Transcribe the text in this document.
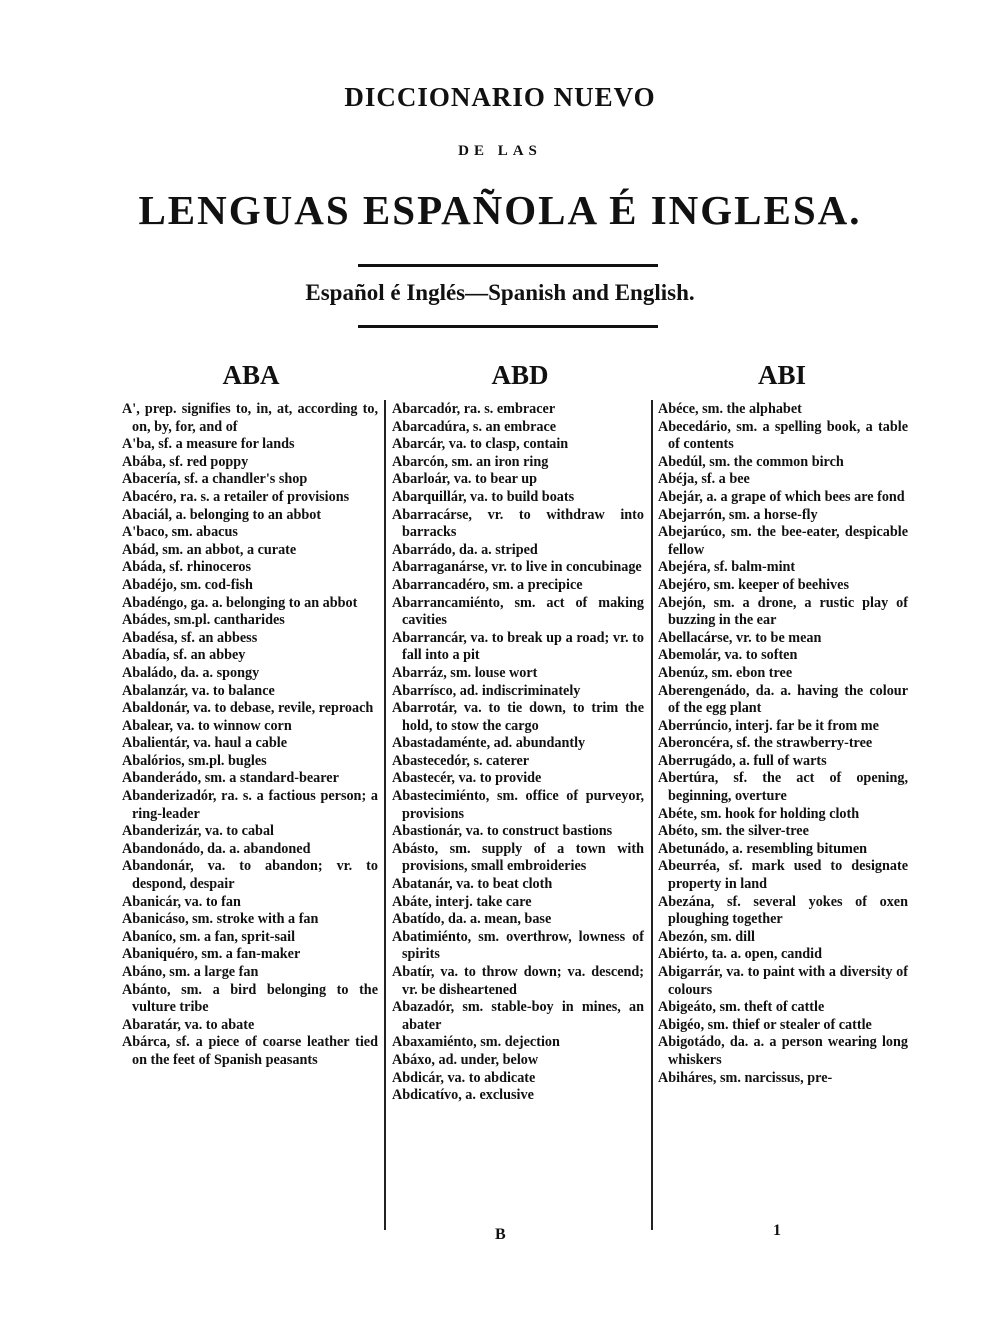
DICCIONARIO NUEVO
DE LAS
LENGUAS ESPAÑOLA É INGLESA.
Español é Inglés—Spanish and English.
ABA	ABD	ABI
A', prep. signifies to, in, at, according to, on, by, for, and of
A'ba, sf. a measure for lands
Abába, sf. red poppy
Abacería, sf. a chandler's shop
Abacéro, ra. s. a retailer of provisions
Abaciál, a. belonging to an abbot
A'baco, sm. abacus
Abád, sm. an abbot, a curate
Abáda, sf. rhinoceros
Abadéjo, sm. cod-fish
Abadéngo, ga. a. belonging to an abbot
Abádes, sm.pl. cantharides
Abadésa, sf. an abbess
Abadía, sf. an abbey
Abaládo, da. a. spongy
Abalanzár, va. to balance
Abaldonár, va. to debase, revile, reproach
Abalear, va. to winnow corn
Abalientár, va. haul a cable
Abalórios, sm.pl. bugles
Abanderádo, sm. a standard-bearer
Abanderizadór, ra. s. a factious person; a ring-leader
Abanderizár, va. to cabal
Abandonádo, da. a. abandoned
Abandonár, va. to abandon; vr. to despond, despair
Abanicár, va. to fan
Abanicáso, sm. stroke with a fan
Abaníco, sm. a fan, sprit-sail
Abaniquéro, sm. a fan-maker
Abáno, sm. a large fan
Abánto, sm. a bird belonging to the vulture tribe
Abaratár, va. to abate
Abárca, sf. a piece of coarse leather tied on the feet of Spanish peasants
Abarcadór, ra. s. embracer
Abarcadúra, s. an embrace
Abarcár, va. to clasp, contain
Abarcón, sm. an iron ring
Abarloár, va. to bear up
Abarquillár, va. to build boats
Abarracárse, vr. to withdraw into barracks
Abarrádo, da. a. striped
Abarraganárse, vr. to live in concubinage
Abarrancadéro, sm. a precipice
Abarrancamiénto, sm. act of making cavities
Abarrancár, va. to break up a road; vr. to fall into a pit
Abarráz, sm. louse wort
Abarrísco, ad. indiscriminately
Abarrotár, va. to tie down, to trim the hold, to stow the cargo
Abastadaménte, ad. abundantly
Abastecedór, s. caterer
Abastecér, va. to provide
Abastecimiénto, sm. office of purveyor, provisions
Abastionár, va. to construct bastions
Abásto, sm. supply of a town with provisions, small embroideries
Abatanár, va. to beat cloth
Abáte, interj. take care
Abatído, da. a. mean, base
Abatimiénto, sm. overthrow, lowness of spirits
Abatír, va. to throw down; va. descend; vr. be disheartened
Abazadór, sm. stable-boy in mines, an abater
Abaxamiénto, sm. dejection
Abáxo, ad. under, below
Abdicár, va. to abdicate
Abdicatívo, a. exclusive
Abéce, sm. the alphabet
Abecedário, sm. a spelling book, a table of contents
Abedúl, sm. the common birch
Abéja, sf. a bee
Abejár, a. a grape of which bees are fond
Abejarrón, sm. a horse-fly
Abejarúco, sm. the bee-eater, despicable fellow
Abejéra, sf. balm-mint
Abejéro, sm. keeper of beehives
Abejón, sm. a drone, a rustic play of buzzing in the ear
Abellacárse, vr. to be mean
Abemolár, va. to soften
Abenúz, sm. ebon tree
Aberengenádo, da. a. having the colour of the egg plant
Aberrúncio, interj. far be it from me
Aberoncéra, sf. the strawberry-tree
Aberrugádo, a. full of warts
Abertúra, sf. the act of opening, beginning, overture
Abéte, sm. hook for holding cloth
Abéto, sm. the silver-tree
Abetunádo, a. resembling bitumen
Abeurréa, sf. mark used to designate property in land
Abezána, sf. several yokes of oxen ploughing together
Abezón, sm. dill
Abiérto, ta. a. open, candid
Abigarrár, va. to paint with a diversity of colours
Abigeáto, sm. theft of cattle
Abigéo, sm. thief or stealer of cattle
Abigotádo, da. a. a person wearing long whiskers
Abiháres, sm. narcissus, pre-
B	1
